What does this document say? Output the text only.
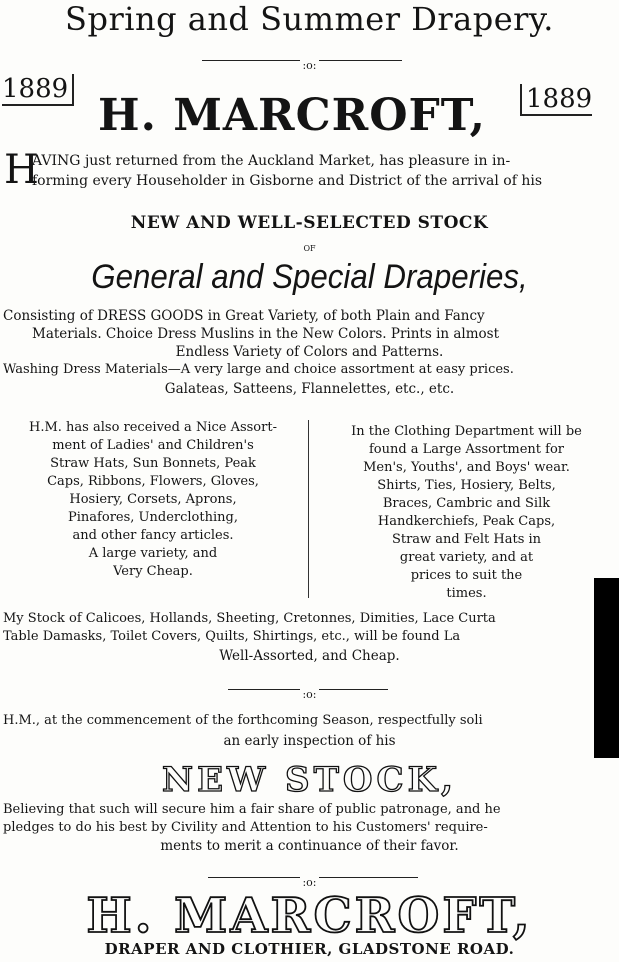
Spring and Summer Drapery.
:o:
1889
H. MARCROFT, 1889
H
AVING just returned from the Auckland Market, has pleasure in in-
forming every Householder in Gisborne and District of the arrival of his
NEW AND WELL-SELECTED STOCK
OF
General and Special Draperies,
Consisting of DRESS GOODS in Great Variety, of both Plain and Fancy
Materials. Choice Dress Muslins in the New Colors. Prints in almost
Endless Variety of Colors and Patterns.
Washing Dress Materials—A very large and choice assortment at easy prices.
Galateas, Satteens, Flannelettes, etc., etc.
H.M. has also received a Nice Assort-
ment of Ladies' and Children's
Straw Hats, Sun Bonnets, Peak
Caps, Ribbons, Flowers, Gloves,
Hosiery, Corsets, Aprons,
Pinafores, Underclothing,
and other fancy articles.
A large variety, and
Very Cheap.
In the Clothing Department will be
found a Large Assortment for
Men's, Youths', and Boys' wear.
Shirts, Ties, Hosiery, Belts,
Braces, Cambric and Silk
Handkerchiefs, Peak Caps,
Straw and Felt Hats in
great variety, and at
prices to suit the
times.
My Stock of Calicoes, Hollands, Sheeting, Cretonnes, Dimities, Lace Curta
Table Damasks, Toilet Covers, Quilts, Shirtings, etc., will be found La
Well-Assorted, and Cheap.
:o:
H.M., at the commencement of the forthcoming Season, respectfully soli
an early inspection of his
NEW STOCK,
Believing that such will secure him a fair share of public patronage, and he
pledges to do his best by Civility and Attention to his Customers' require-
ments to merit a continuance of their favor.
:o:
H. MARCROFT,
DRAPER AND CLOTHIER, GLADSTONE ROAD.
